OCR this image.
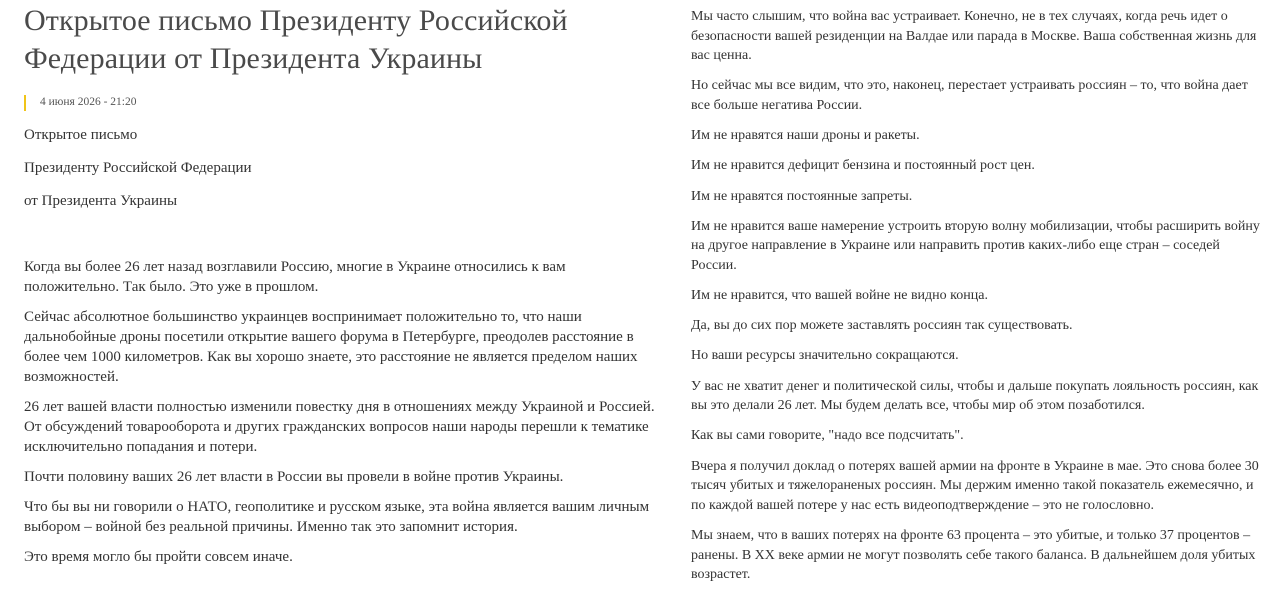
Открытое письмо Президенту Российской Федерации от Президента Украины
4 июня 2026 - 21:20

Открытое письмо

Президенту Российской Федерации

от Президента Украины

Когда вы более 26 лет назад возглавили Россию, многие в Украине относились к вам положительно. Так было. Это уже в прошлом.

Сейчас абсолютное большинство украинцев воспринимает положительно то, что наши дальнобойные дроны посетили открытие вашего форума в Петербурге, преодолев расстояние в более чем 1000 километров. Как вы хорошо знаете, это расстояние не является пределом наших возможностей.

26 лет вашей власти полностью изменили повестку дня в отношениях между Украиной и Россией. От обсуждений товарооборота и других гражданских вопросов наши народы перешли к тематике исключительно попадания и потери.

Почти половину ваших 26 лет власти в России вы провели в войне против Украины.

Что бы вы ни говорили о НАТО, геополитике и русском языке, эта война является вашим личным выбором – войной без реальной причины. Именно так это запомнит история.

Это время могло бы пройти совсем иначе.

Мы часто слышим, что война вас устраивает. Конечно, не в тех случаях, когда речь идет о безопасности вашей резиденции на Валдае или парада в Москве. Ваша собственная жизнь для вас ценна.

Но сейчас мы все видим, что это, наконец, перестает устраивать россиян – то, что война дает все больше негатива России.

Им не нравятся наши дроны и ракеты.

Им не нравится дефицит бензина и постоянный рост цен.

Им не нравятся постоянные запреты.

Им не нравится ваше намерение устроить вторую волну мобилизации, чтобы расширить войну на другое направление в Украине или направить против каких-либо еще стран – соседей России.

Им не нравится, что вашей войне не видно конца.

Да, вы до сих пор можете заставлять россиян так существовать.

Но ваши ресурсы значительно сокращаются.

У вас не хватит денег и политической силы, чтобы и дальше покупать лояльность россиян, как вы это делали 26 лет. Мы будем делать все, чтобы мир об этом позаботился.

Как вы сами говорите, "надо все подсчитать".

Вчера я получил доклад о потерях вашей армии на фронте в Украине в мае. Это снова более 30 тысяч убитых и тяжелораненых россиян. Мы держим именно такой показатель ежемесячно, и по каждой вашей потере у нас есть видеоподтверждение – это не голословно.

Мы знаем, что в ваших потерях на фронте 63 процента – это убитые, и только 37 процентов – ранены. В XX веке армии не могут позволять себе такого баланса. В дальнейшем доля убитых возрастет.
